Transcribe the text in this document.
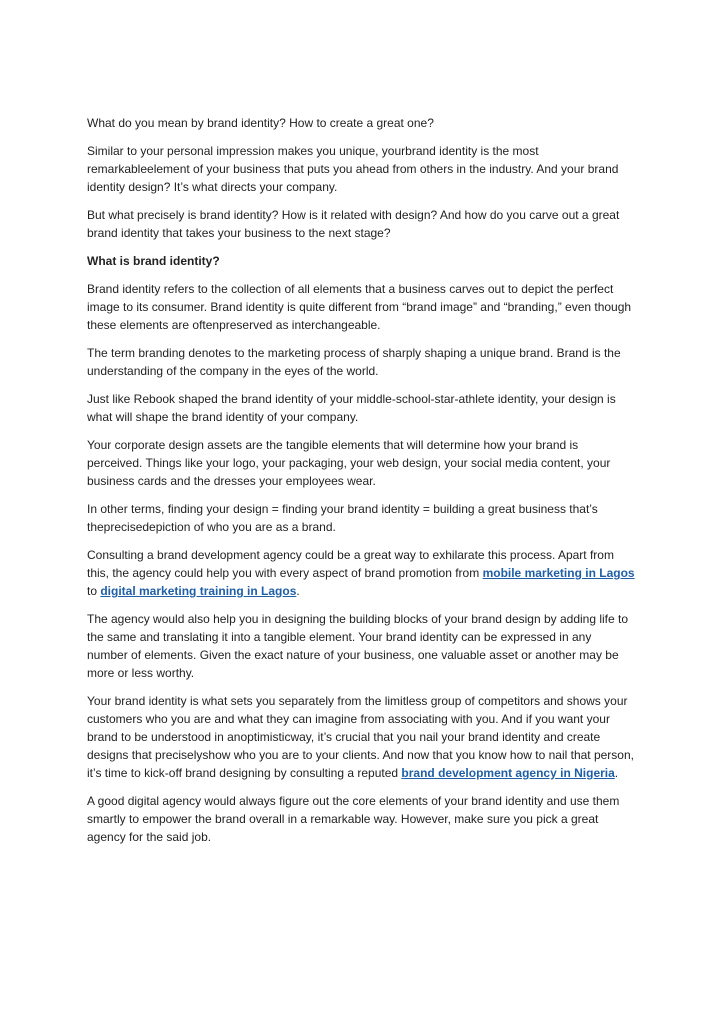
What do you mean by brand identity? How to create a great one?

Similar to your personal impression makes you unique, yourbrand identity is the most remarkableelement of your business that puts you ahead from others in the industry. And your brand identity design? It’s what directs your company.

But what precisely is brand identity? How is it related with design? And how do you carve out a great brand identity that takes your business to the next stage?

What is brand identity?

Brand identity refers to the collection of all elements that a business carves out to depict the perfect image to its consumer. Brand identity is quite different from “brand image” and “branding,” even though these elements are oftenpreserved as interchangeable.

The term branding denotes to the marketing process of sharply shaping a unique brand. Brand is the understanding of the company in the eyes of the world.

Just like Rebook shaped the brand identity of your middle-school-star-athlete identity, your design is what will shape the brand identity of your company.

Your corporate design assets are the tangible elements that will determine how your brand is perceived. Things like your logo, your packaging, your web design, your social media content, your business cards and the dresses your employees wear.

In other terms, finding your design = finding your brand identity = building a great business that’s theprecisedepiction of who you are as a brand.

Consulting a brand development agency could be a great way to exhilarate this process. Apart from this, the agency could help you with every aspect of brand promotion from mobile marketing in Lagos to digital marketing training in Lagos.

The agency would also help you in designing the building blocks of your brand design by adding life to the same and translating it into a tangible element. Your brand identity can be expressed in any number of elements. Given the exact nature of your business, one valuable asset or another may be more or less worthy.

Your brand identity is what sets you separately from the limitless group of competitors and shows your customers who you are and what they can imagine from associating with you. And if you want your brand to be understood in anoptimisticway, it’s crucial that you nail your brand identity and create designs that preciselyshow who you are to your clients. And now that you know how to nail that person, it’s time to kick-off brand designing by consulting a reputed brand development agency in Nigeria.

A good digital agency would always figure out the core elements of your brand identity and use them smartly to empower the brand overall in a remarkable way. However, make sure you pick a great agency for the said job.
